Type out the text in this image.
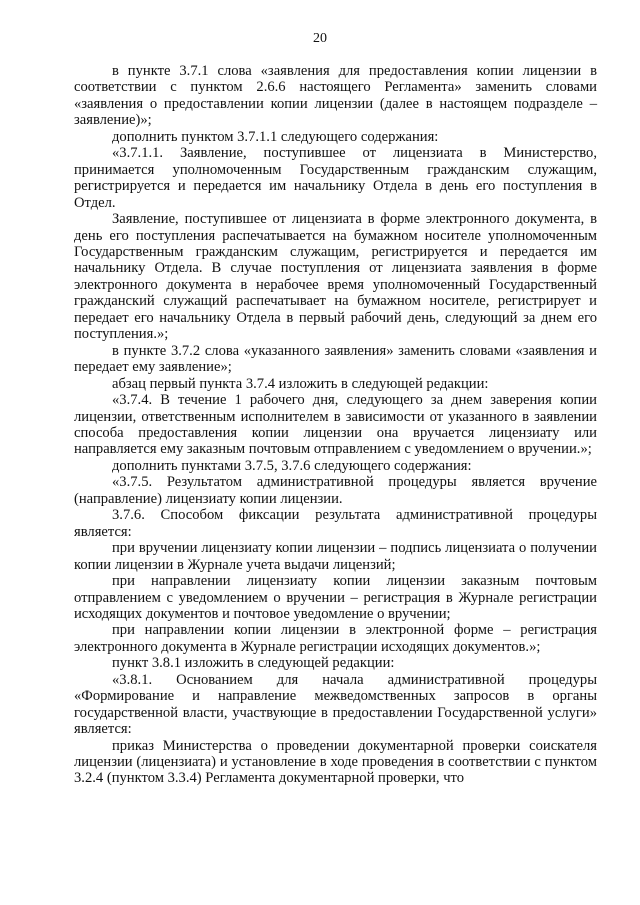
20

в пункте 3.7.1 слова «заявления для предоставления копии лицензии в соответствии с пунктом 2.6.6 настоящего Регламента» заменить словами «заявления о предоставлении копии лицензии (далее в настоящем подразделе – заявление)»;

дополнить пунктом 3.7.1.1 следующего содержания:

«3.7.1.1. Заявление, поступившее от лицензиата в Министерство, принимается уполномоченным Государственным гражданским служащим, регистрируется и передается им начальнику Отдела в день его поступления в Отдел.

Заявление, поступившее от лицензиата в форме электронного документа, в день его поступления распечатывается на бумажном носителе уполномоченным Государственным гражданским служащим, регистрируется и передается им начальнику Отдела. В случае поступления от лицензиата заявления в форме электронного документа в нерабочее время уполномоченный Государственный гражданский служащий распечатывает на бумажном носителе, регистрирует и передает его начальнику Отдела в первый рабочий день, следующий за днем его поступления.»;

в пункте 3.7.2 слова «указанного заявления» заменить словами «заявления и передает ему заявление»;

абзац первый пункта 3.7.4 изложить в следующей редакции:

«3.7.4. В течение 1 рабочего дня, следующего за днем заверения копии лицензии, ответственным исполнителем в зависимости от указанного в заявлении способа предоставления копии лицензии она вручается лицензиату или направляется ему заказным почтовым отправлением с уведомлением о вручении.»;

дополнить пунктами 3.7.5, 3.7.6 следующего содержания:

«3.7.5. Результатом административной процедуры является вручение (направление) лицензиату копии лицензии.

3.7.6. Способом фиксации результата административной процедуры является:

при вручении лицензиату копии лицензии – подпись лицензиата о получении копии лицензии в Журнале учета выдачи лицензий;

при направлении лицензиату копии лицензии заказным почтовым отправлением с уведомлением о вручении – регистрация в Журнале регистрации исходящих документов и почтовое уведомление о вручении;

при направлении копии лицензии в электронной форме – регистрация электронного документа в Журнале регистрации исходящих документов.»;

пункт 3.8.1 изложить в следующей редакции:

«3.8.1. Основанием для начала административной процедуры «Формирование и направление межведомственных запросов в органы государственной власти, участвующие в предоставлении Государственной услуги» является:

приказ Министерства о проведении документарной проверки соискателя лицензии (лицензиата) и установление в ходе проведения в соответствии с пунктом 3.2.4 (пунктом 3.3.4) Регламента документарной проверки, что
